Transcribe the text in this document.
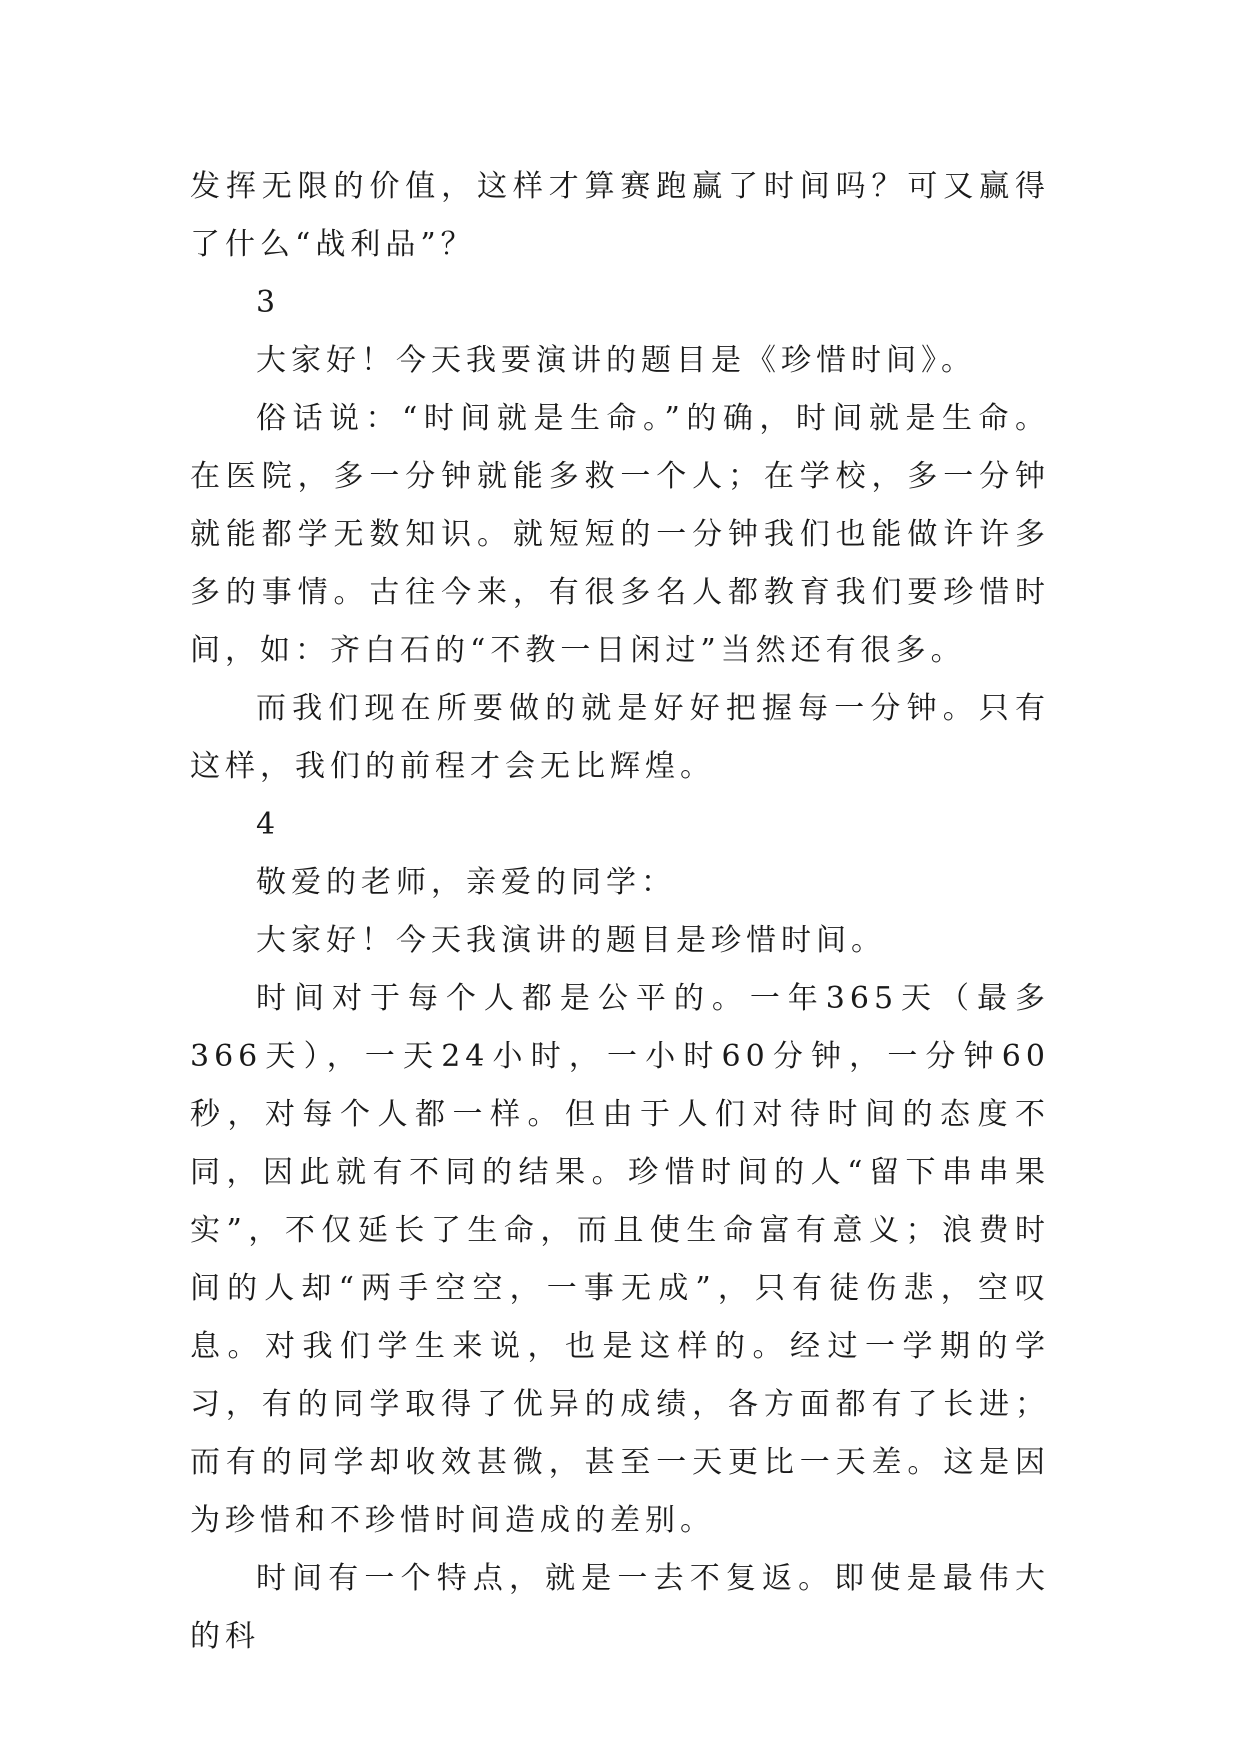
发挥无限的价值，这样才算赛跑赢了时间吗？可又赢得了什么“战利品”？

3

大家好！今天我要演讲的题目是《珍惜时间》。

俗话说：“时间就是生命。”的确，时间就是生命。在医院，多一分钟就能多救一个人；在学校，多一分钟就能都学无数知识。就短短的一分钟我们也能做许许多多的事情。古往今来，有很多名人都教育我们要珍惜时间，如：齐白石的“不教一日闲过”当然还有很多。

而我们现在所要做的就是好好把握每一分钟。只有这样，我们的前程才会无比辉煌。

4

敬爱的老师，亲爱的同学：

大家好！今天我演讲的题目是珍惜时间。

时间对于每个人都是公平的。一年365天（最多366天），一天24小时，一小时60分钟，一分钟60秒，对每个人都一样。但由于人们对待时间的态度不同，因此就有不同的结果。珍惜时间的人“留下串串果实”，不仅延长了生命，而且使生命富有意义；浪费时间的人却“两手空空，一事无成”，只有徒伤悲，空叹息。对我们学生来说，也是这样的。经过一学期的学习，有的同学取得了优异的成绩，各方面都有了长进；而有的同学却收效甚微，甚至一天更比一天差。这是因为珍惜和不珍惜时间造成的差别。

时间有一个特点，就是一去不复返。即使是最伟大的科
